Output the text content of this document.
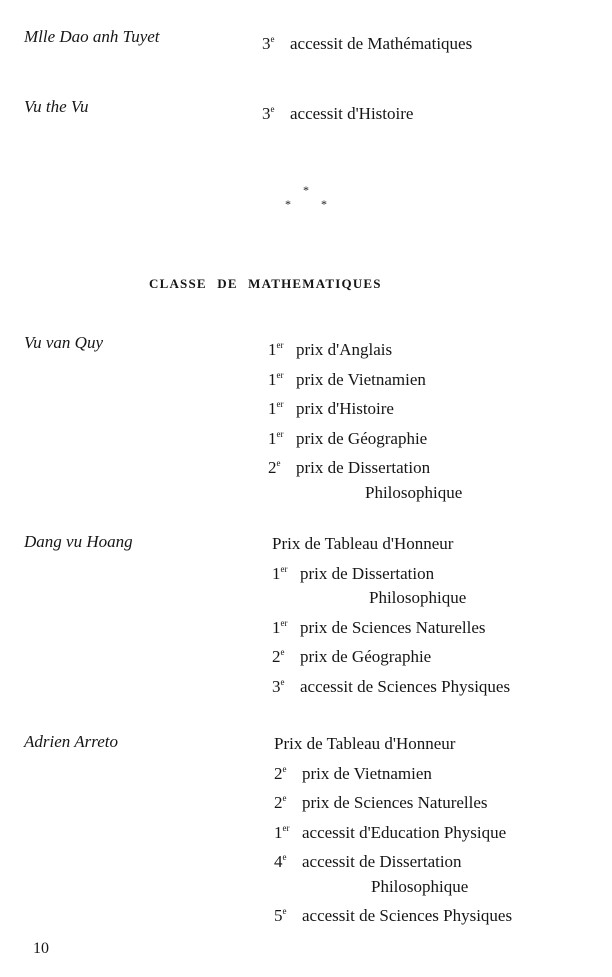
Mlle Dao anh Tuyet	3e accessit de Mathématiques
Vu the Vu	3e accessit d'Histoire
*
*	*
CLASSE DE MATHEMATIQUES
Vu van Quy	1er prix d'Anglais
1er prix de Vietnamien
1er prix d'Histoire
1er prix de Géographie
2e prix de Dissertation
Philosophique
Dang vu Hoang	Prix de Tableau d'Honneur
1er prix de Dissertation
Philosophique
1er prix de Sciences Naturelles
2e prix de Géographie
3e accessit de Sciences Physiques
Adrien Arreto	Prix de Tableau d'Honneur
2e prix de Vietnamien
2e prix de Sciences Naturelles
1er accessit d'Education Physique
4e accessit de Dissertation
Philosophique
5e accessit de Sciences Physiques
10
